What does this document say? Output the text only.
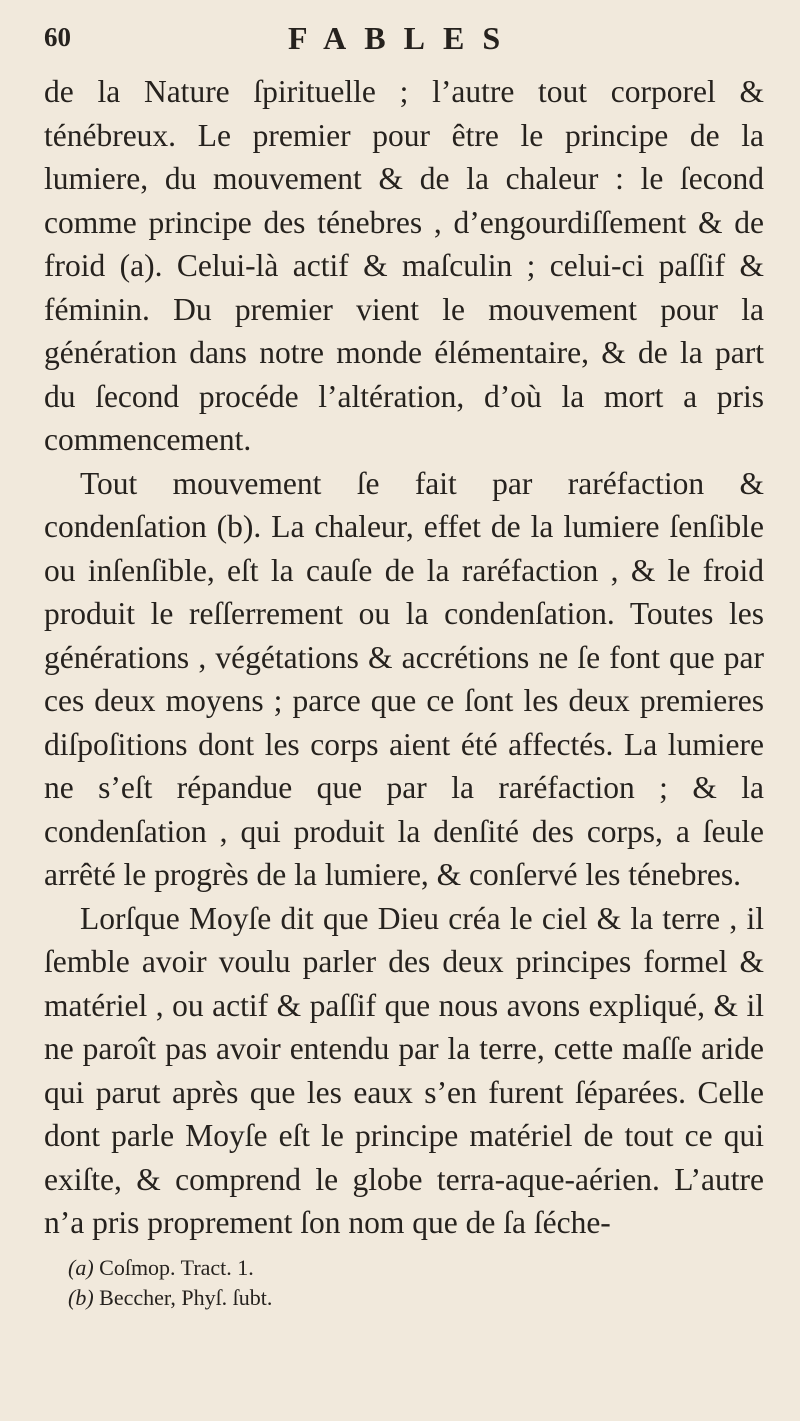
60	FABLES

de la Nature ſpirituelle ; l’autre tout corporel & ténébreux. Le premier pour être le principe de la lumiere, du mouvement & de la chaleur : le ſecond comme principe des ténebres , d’engourdiſſement & de froid (a). Celui-là actif & maſculin ; celui-ci paſſif & féminin. Du premier vient le mouvement pour la génération dans notre monde élémentaire, & de la part du ſecond procéde l’altération, d’où la mort a pris commencement.

Tout mouvement ſe fait par raréfaction & condenſation (b). La chaleur, effet de la lumiere ſenſible ou inſenſible, eſt la cauſe de la raréfaction , & le froid produit le reſſerrement ou la condenſation. Toutes les générations , végétations & accrétions ne ſe font que par ces deux moyens ; parce que ce ſont les deux premieres diſpoſitions dont les corps aient été affectés. La lumiere ne s’eſt répandue que par la raréfaction ; & la condenſation , qui produit la denſité des corps, a ſeule arrêté le progrès de la lumiere, & conſervé les ténebres.

Lorſque Moyſe dit que Dieu créa le ciel & la terre , il ſemble avoir voulu parler des deux principes formel & matériel , ou actif & paſſif que nous avons expliqué, & il ne paroît pas avoir entendu par la terre, cette maſſe aride qui parut après que les eaux s’en furent ſéparées. Celle dont parle Moyſe eſt le principe matériel de tout ce qui exiſte, & comprend le globe terra-aque-aérien. L’autre n’a pris proprement ſon nom que de ſa ſéche-

(a) Coſmop. Tract. 1.

(b) Beccher, Phyſ. ſubt.
